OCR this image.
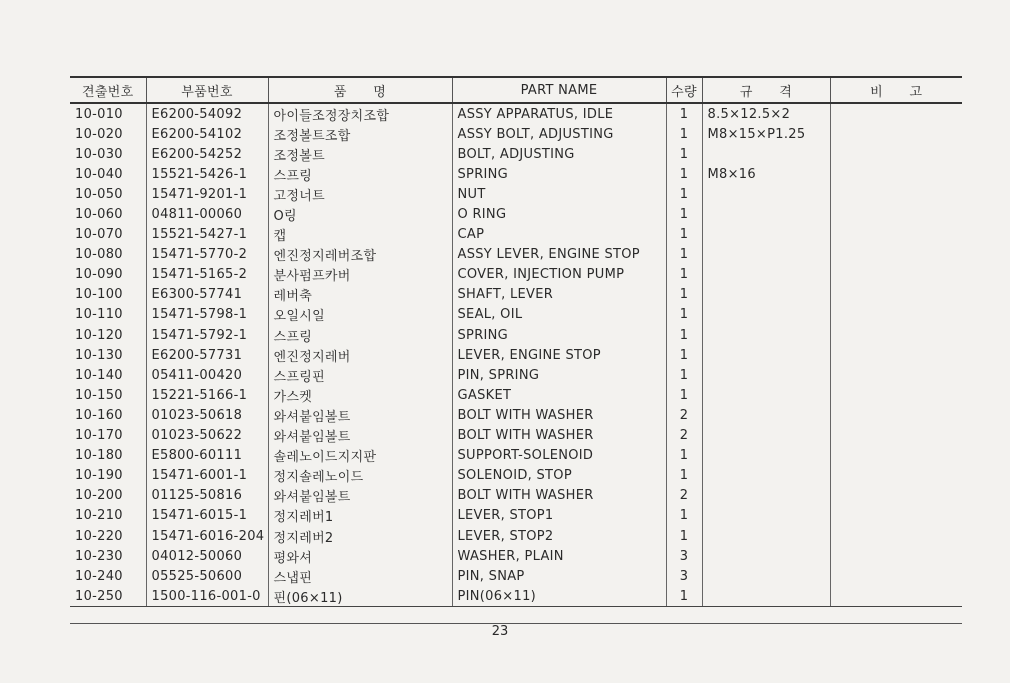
견출번호	부품번호	품　　명	PART NAME	수량	규　　격	비　　고
10-010	E6200-54092	아이들조정장치조합	ASSY APPARATUS, IDLE	1	8.5×12.5×2	
10-020	E6200-54102	조정볼트조합	ASSY BOLT, ADJUSTING	1	M8×15×P1.25	
10-030	E6200-54252	조정볼트	BOLT, ADJUSTING	1		
10-040	15521-5426-1	스프링	SPRING	1	M8×16	
10-050	15471-9201-1	고정너트	NUT	1		
10-060	04811-00060	O링	O RING	1		
10-070	15521-5427-1	캡	CAP	1		
10-080	15471-5770-2	엔진정지레버조합	ASSY LEVER, ENGINE STOP	1		
10-090	15471-5165-2	분사펌프카버	COVER, INJECTION PUMP	1		
10-100	E6300-57741	레버축	SHAFT, LEVER	1		
10-110	15471-5798-1	오일시일	SEAL, OIL	1		
10-120	15471-5792-1	스프링	SPRING	1		
10-130	E6200-57731	엔진정지레버	LEVER, ENGINE STOP	1		
10-140	05411-00420	스프링핀	PIN, SPRING	1		
10-150	15221-5166-1	가스켓	GASKET	1		
10-160	01023-50618	와셔붙임볼트	BOLT WITH WASHER	2		
10-170	01023-50622	와셔붙임볼트	BOLT WITH WASHER	2		
10-180	E5800-60111	솔레노이드지지판	SUPPORT-SOLENOID	1		
10-190	15471-6001-1	정지솔레노이드	SOLENOID, STOP	1		
10-200	01125-50816	와셔붙임볼트	BOLT WITH WASHER	2		
10-210	15471-6015-1	정지레버1	LEVER, STOP1	1		
10-220	15471-6016-204	정지레버2	LEVER, STOP2	1		
10-230	04012-50060	평와셔	WASHER, PLAIN	3		
10-240	05525-50600	스냅핀	PIN, SNAP	3		
10-250	1500-116-001-0	핀(06×11)	PIN(06×11)	1		
23
